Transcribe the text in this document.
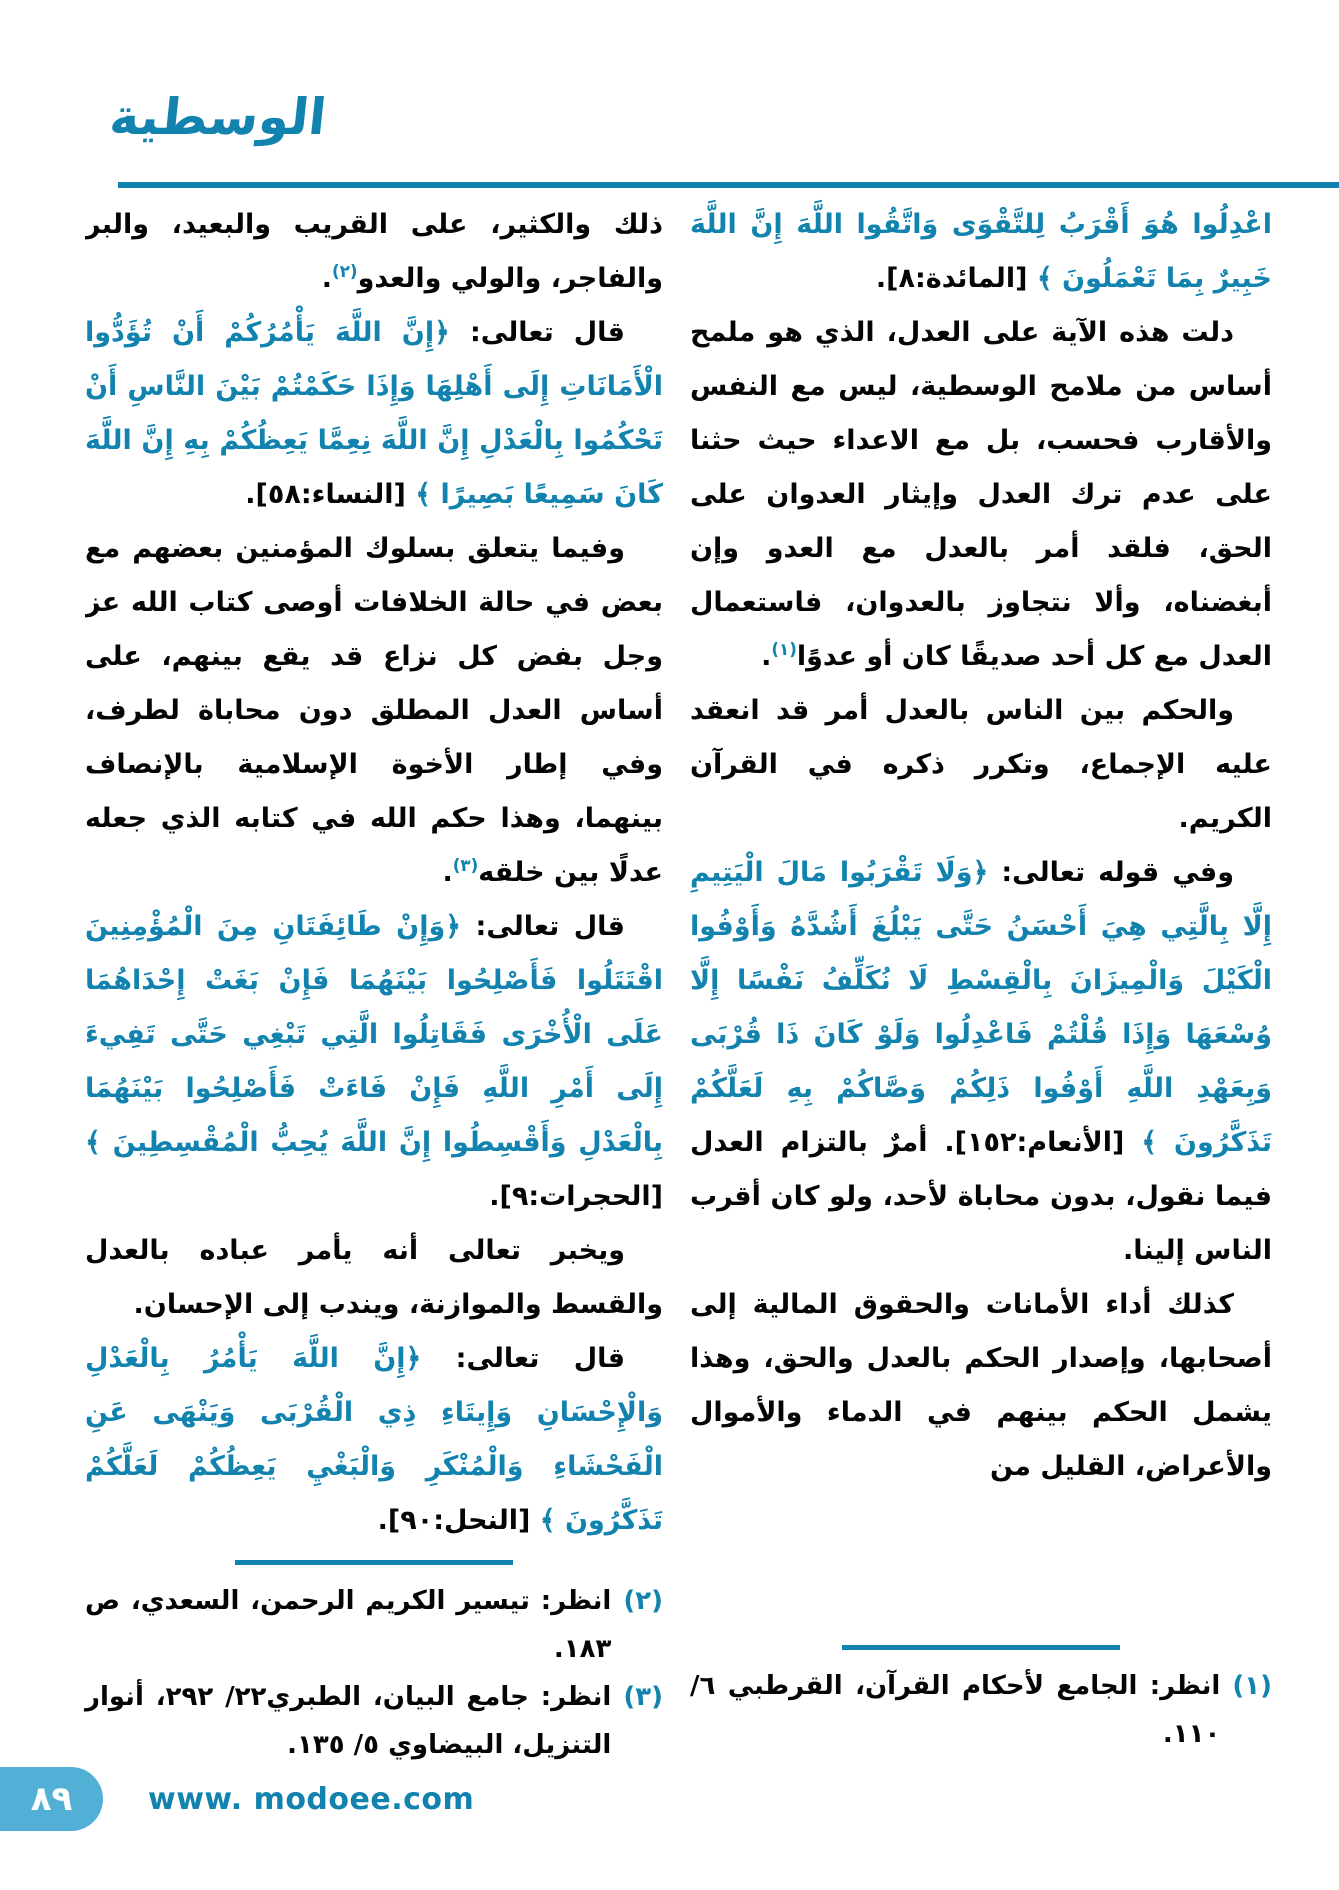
الوسطية

اعْدِلُوا هُوَ أَقْرَبُ لِلتَّقْوَى وَاتَّقُوا اللَّهَ إِنَّ اللَّهَ خَبِيرٌ بِمَا تَعْمَلُونَ ﴾ [المائدة:٨].

دلت هذه الآية على العدل، الذي هو ملمح أساس من ملامح الوسطية، ليس مع النفس والأقارب فحسب، بل مع الاعداء حيث حثنا على عدم ترك العدل وإيثار العدوان على الحق، فلقد أمر بالعدل مع العدو وإن أبغضناه، وألا نتجاوز بالعدوان، فاستعمال العدل مع كل أحد صديقًا كان أو عدوًا$^{(١)}$.

والحكم بين الناس بالعدل أمر قد انعقد عليه الإجماع، وتكرر ذكره في القرآن الكريم.

وفي قوله تعالى: ﴿وَلَا تَقْرَبُوا مَالَ الْيَتِيمِ إِلَّا بِالَّتِي هِيَ أَحْسَنُ حَتَّى يَبْلُغَ أَشُدَّهُ وَأَوْفُوا الْكَيْلَ وَالْمِيزَانَ بِالْقِسْطِ لَا نُكَلِّفُ نَفْسًا إِلَّا وُسْعَهَا وَإِذَا قُلْتُمْ فَاعْدِلُوا وَلَوْ كَانَ ذَا قُرْبَى وَبِعَهْدِ اللَّهِ أَوْفُوا ذَلِكُمْ وَصَّاكُمْ بِهِ لَعَلَّكُمْ تَذَكَّرُونَ ﴾ [الأنعام:١٥٢]. أمرٌ بالتزام العدل فيما نقول، بدون محاباة لأحد، ولو كان أقرب الناس إلينا.

كذلك أداء الأمانات والحقوق المالية إلى أصحابها، وإصدار الحكم بالعدل والحق، وهذا يشمل الحكم بينهم في الدماء والأموال والأعراض، القليل من

(١)
انظر: الجامع لأحكام القرآن، القرطبي ٦/ ١١٠.

ذلك والكثير، على القريب والبعيد، والبر والفاجر، والولي والعدو$^{(٢)}$.

قال تعالى: ﴿إِنَّ اللَّهَ يَأْمُرُكُمْ أَنْ تُؤَدُّوا الْأَمَانَاتِ إِلَى أَهْلِهَا وَإِذَا حَكَمْتُمْ بَيْنَ النَّاسِ أَنْ تَحْكُمُوا بِالْعَدْلِ إِنَّ اللَّهَ نِعِمَّا يَعِظُكُمْ بِهِ إِنَّ اللَّهَ كَانَ سَمِيعًا بَصِيرًا ﴾ [النساء:٥٨].

وفيما يتعلق بسلوك المؤمنين بعضهم مع بعض في حالة الخلافات أوصى كتاب الله عز وجل بفض كل نزاع قد يقع بينهم، على أساس العدل المطلق دون محاباة لطرف، وفي إطار الأخوة الإسلامية بالإنصاف بينهما، وهذا حكم الله في كتابه الذي جعله عدلًا بين خلقه$^{(٣)}$.

قال تعالى: ﴿وَإِنْ طَائِفَتَانِ مِنَ الْمُؤْمِنِينَ اقْتَتَلُوا فَأَصْلِحُوا بَيْنَهُمَا فَإِنْ بَغَتْ إِحْدَاهُمَا عَلَى الْأُخْرَى فَقَاتِلُوا الَّتِي تَبْغِي حَتَّى تَفِيءَ إِلَى أَمْرِ اللَّهِ فَإِنْ فَاءَتْ فَأَصْلِحُوا بَيْنَهُمَا بِالْعَدْلِ وَأَقْسِطُوا إِنَّ اللَّهَ يُحِبُّ الْمُقْسِطِينَ ﴾ [الحجرات:٩].

ويخبر تعالى أنه يأمر عباده بالعدل والقسط والموازنة، ويندب إلى الإحسان.

قال تعالى: ﴿إِنَّ اللَّهَ يَأْمُرُ بِالْعَدْلِ وَالْإِحْسَانِ وَإِيتَاءِ ذِي الْقُرْبَى وَيَنْهَى عَنِ الْفَحْشَاءِ وَالْمُنْكَرِ وَالْبَغْيِ يَعِظُكُمْ لَعَلَّكُمْ تَذَكَّرُونَ ﴾ [النحل:٩٠].

(٢)
انظر: تيسير الكريم الرحمن، السعدي، ص ١٨٣.
(٣)
انظر: جامع البيان، الطبري٢٢/ ٢٩٢، أنوار التنزيل، البيضاوي ٥/ ١٣٥.
٨٩	www. modoee.com
